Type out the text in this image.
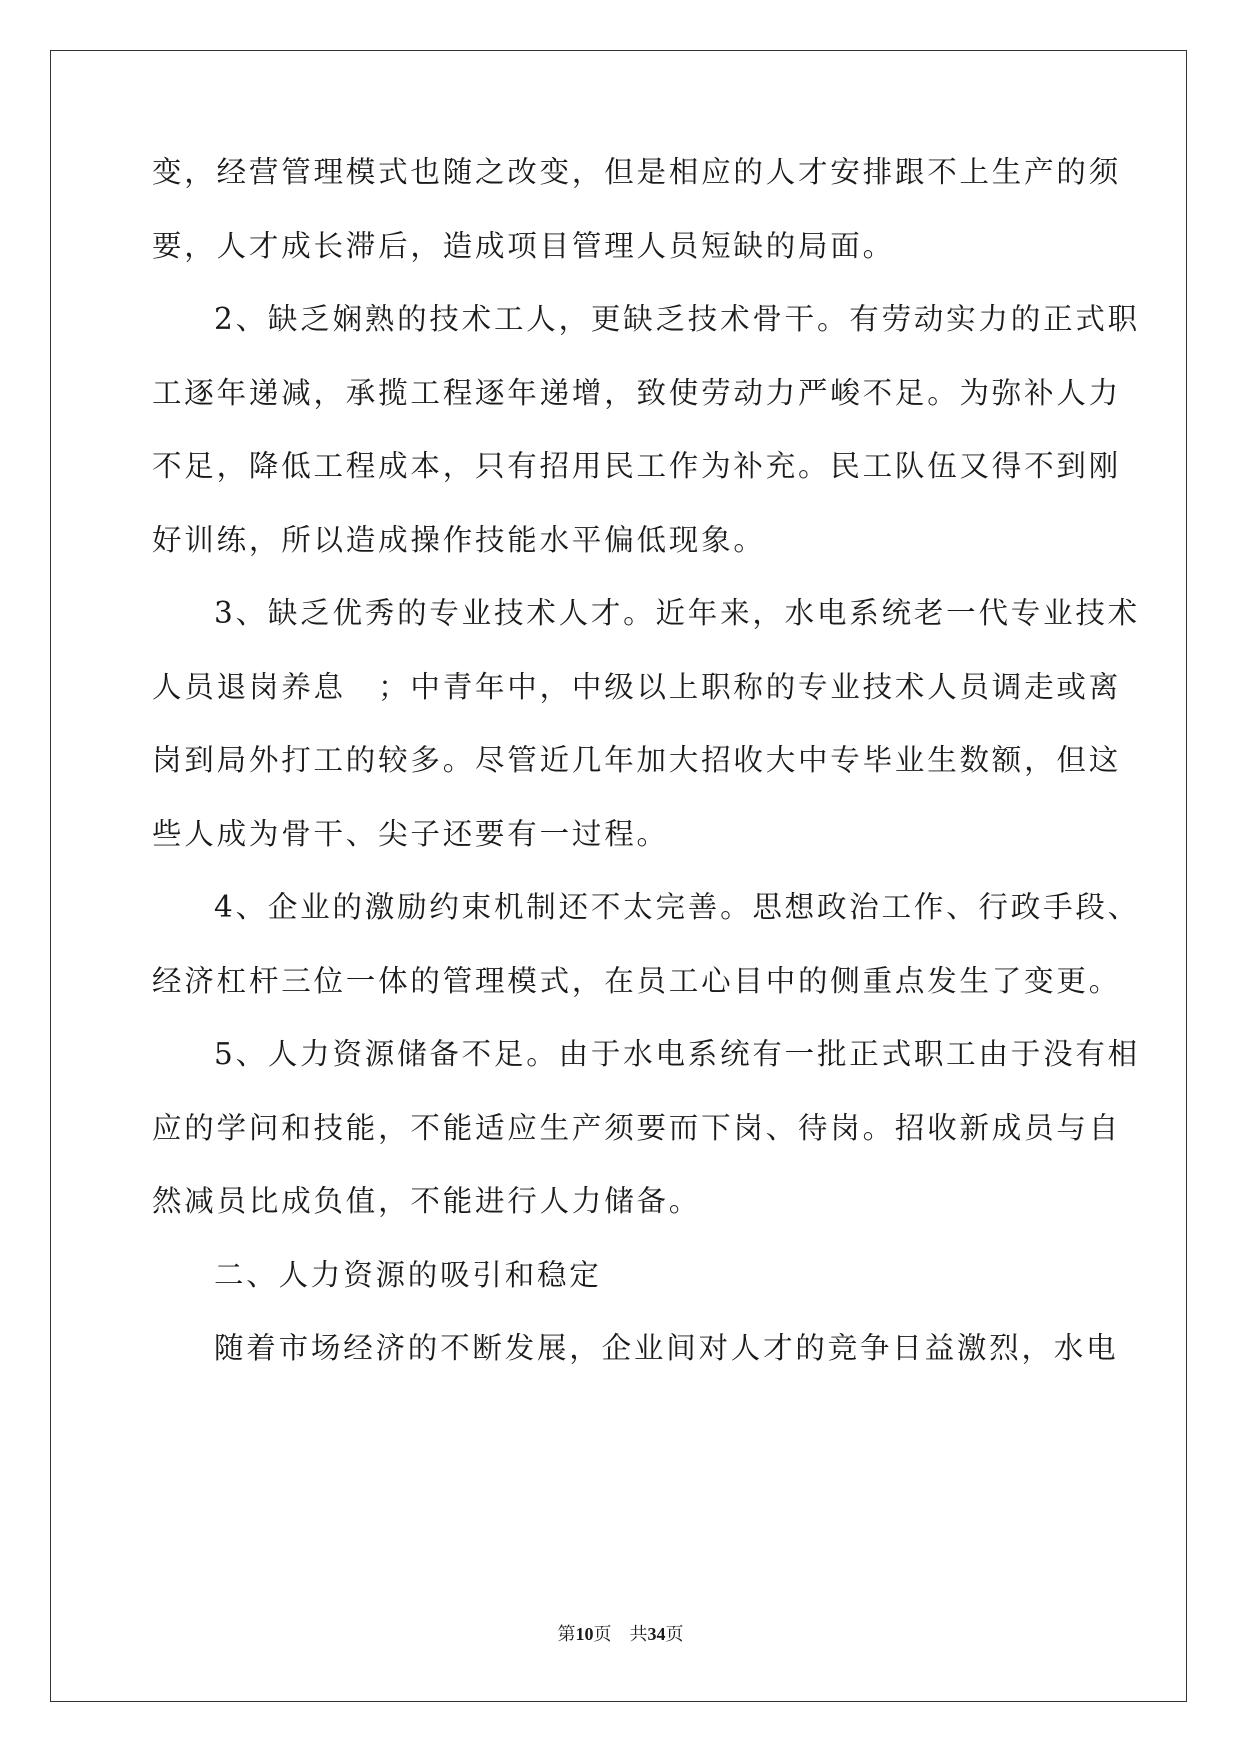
变，经营管理模式也随之改变，但是相应的人才安排跟不上生产的须
要，人才成长滞后，造成项目管理人员短缺的局面。
2、缺乏娴熟的技术工人，更缺乏技术骨干。有劳动实力的正式职
工逐年递减，承揽工程逐年递增，致使劳动力严峻不足。为弥补人力
不足，降低工程成本，只有招用民工作为补充。民工队伍又得不到刚
好训练，所以造成操作技能水平偏低现象。
3、缺乏优秀的专业技术人才。近年来，水电系统老一代专业技术
人员退岗养息　；中青年中，中级以上职称的专业技术人员调走或离
岗到局外打工的较多。尽管近几年加大招收大中专毕业生数额，但这
些人成为骨干、尖子还要有一过程。
4、企业的激励约束机制还不太完善。思想政治工作、行政手段、
经济杠杆三位一体的管理模式，在员工心目中的侧重点发生了变更。
5、人力资源储备不足。由于水电系统有一批正式职工由于没有相
应的学问和技能，不能适应生产须要而下岗、待岗。招收新成员与自
然减员比成负值，不能进行人力储备。
二、人力资源的吸引和稳定
随着市场经济的不断发展，企业间对人才的竞争日益激烈，水电
第10页 共34页
